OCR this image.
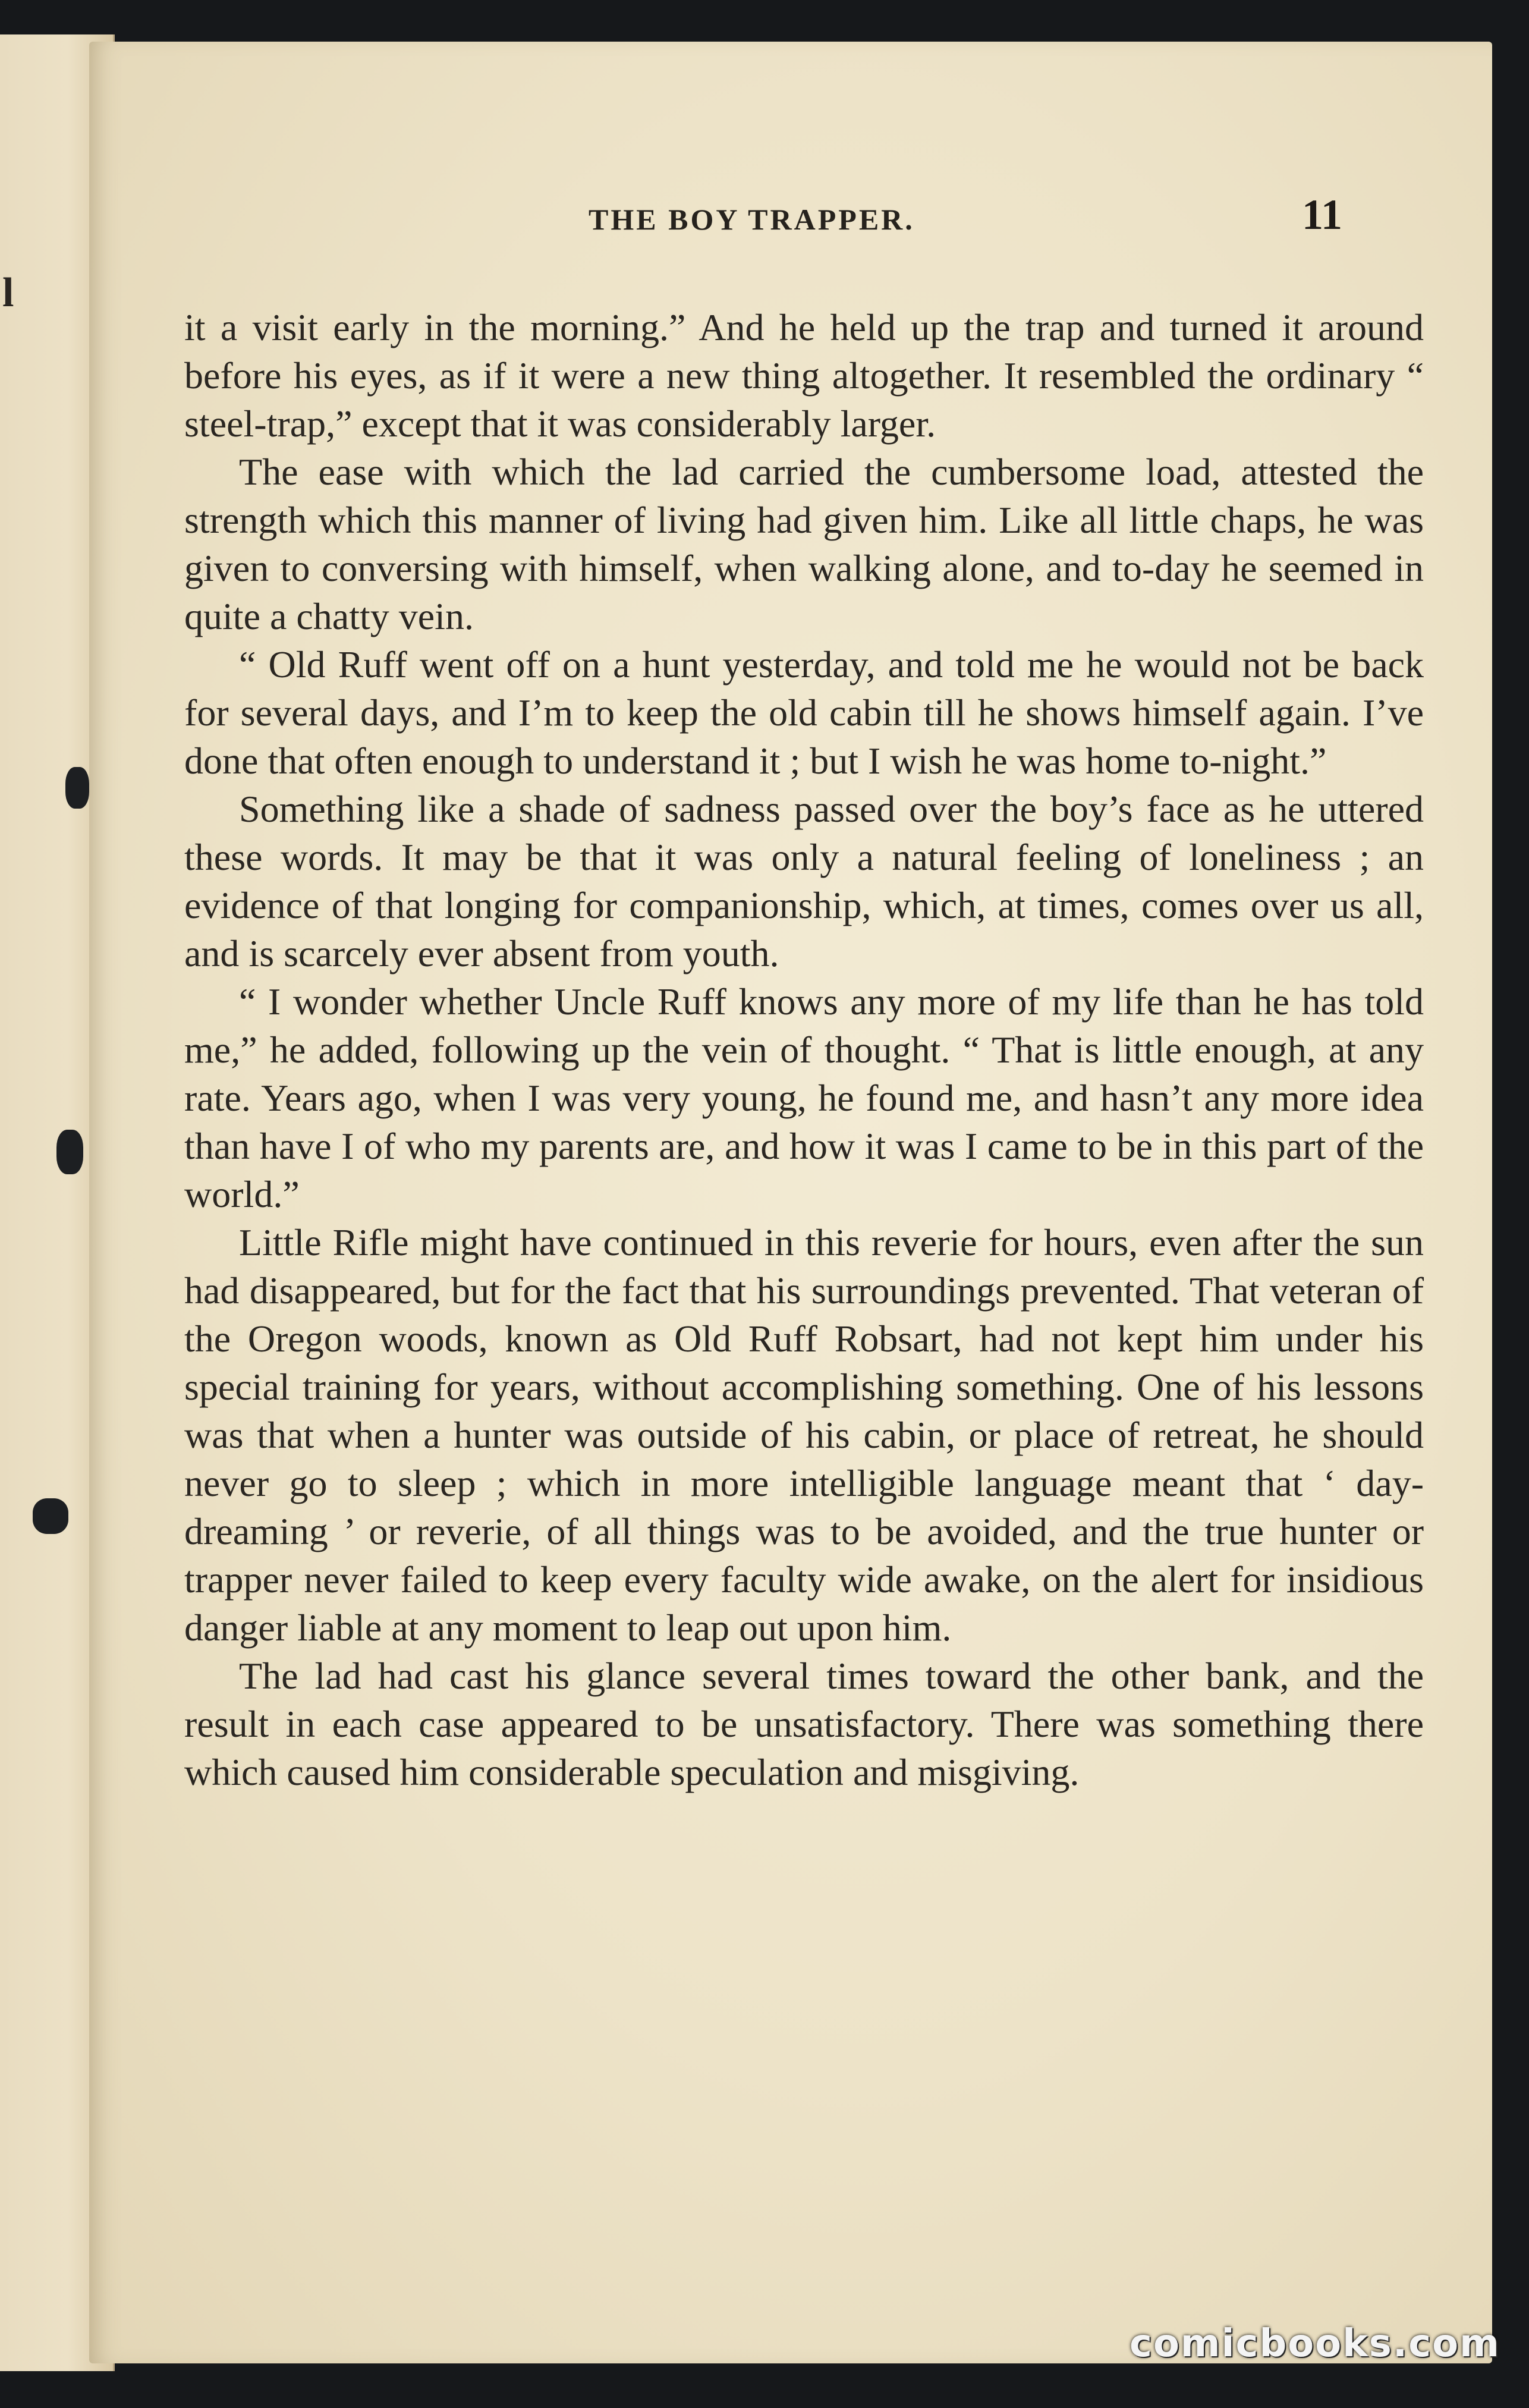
l
THE BOY TRAPPER.	11

it a visit early in the morning.” And he held up the trap and turned it around before his eyes, as if it were a new thing altogether. It resembled the ordinary “ steel-trap,” except that it was considerably larger.

The ease with which the lad carried the cumbersome load, attested the strength which this manner of living had given him. Like all little chaps, he was given to conversing with himself, when walking alone, and to-day he seemed in quite a chatty vein.

“ Old Ruff went off on a hunt yesterday, and told me he would not be back for several days, and I’m to keep the old cabin till he shows himself again. I’ve done that often enough to understand it ; but I wish he was home to-night.”

Something like a shade of sadness passed over the boy’s face as he uttered these words. It may be that it was only a natural feeling of loneliness ; an evidence of that longing for companionship, which, at times, comes over us all, and is scarcely ever absent from youth.

“ I wonder whether Uncle Ruff knows any more of my life than he has told me,” he added, following up the vein of thought. “ That is little enough, at any rate. Years ago, when I was very young, he found me, and hasn’t any more idea than have I of who my parents are, and how it was I came to be in this part of the world.”

Little Rifle might have continued in this reverie for hours, even after the sun had disappeared, but for the fact that his surroundings prevented. That veteran of the Oregon woods, known as Old Ruff Robsart, had not kept him under his special training for years, without accomplishing something. One of his lessons was that when a hunter was outside of his cabin, or place of retreat, he should never go to sleep ; which in more intelligible language meant that ‘ day-dreaming ’ or reverie, of all things was to be avoided, and the true hunter or trapper never failed to keep every faculty wide awake, on the alert for insidious danger liable at any moment to leap out upon him.

The lad had cast his glance several times toward the other bank, and the result in each case appeared to be unsatisfactory. There was something there which caused him considerable speculation and misgiving.

comicbooks.com
